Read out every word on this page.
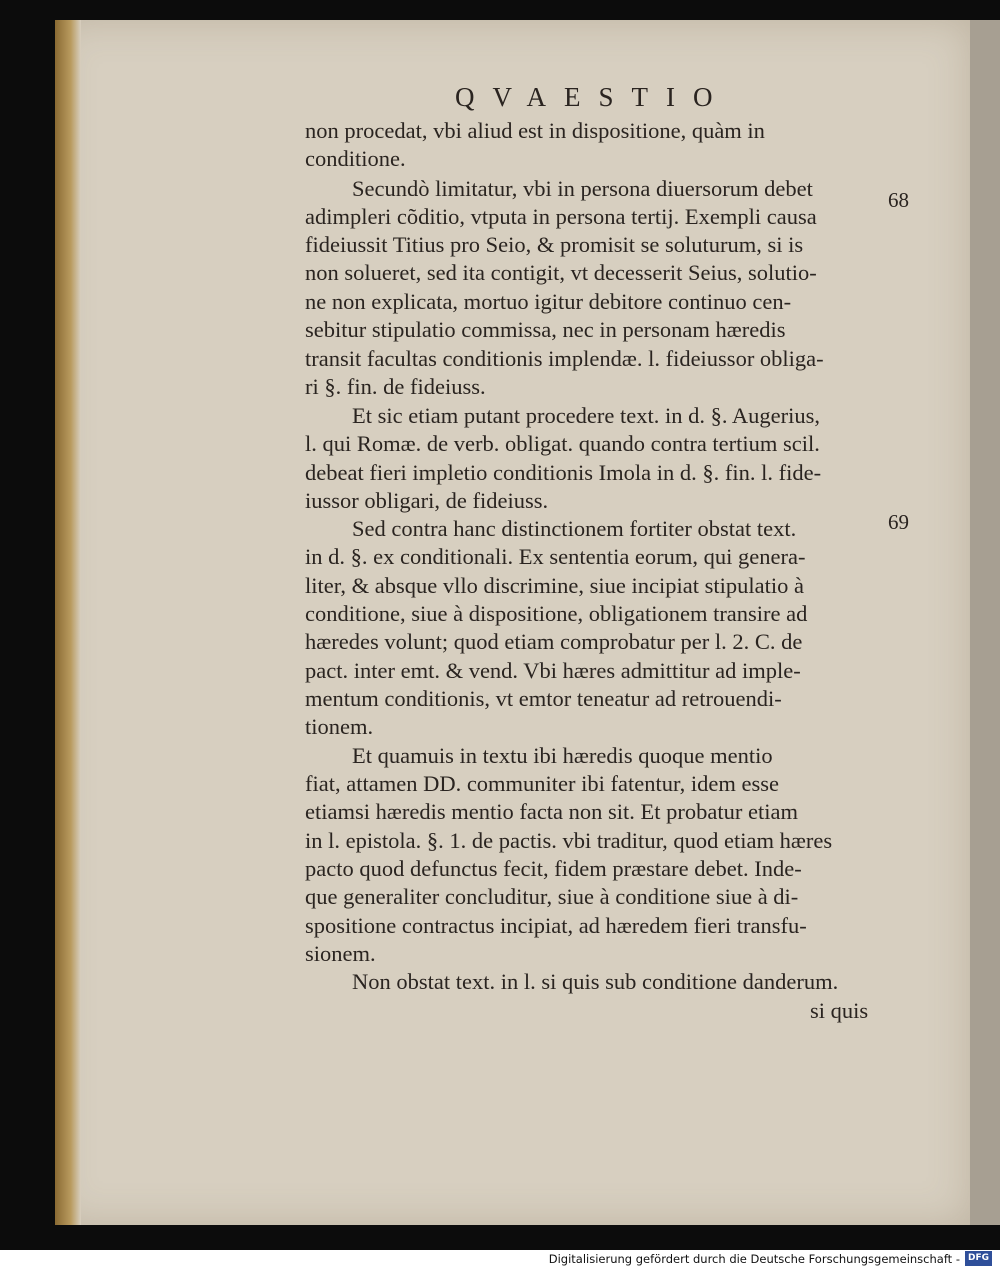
QVAESTIO
non procedat, vbi aliud est in dispositione, quàm in
conditione.
Secundò limitatur, vbi in persona diuersorum debet
adimpleri cõditio, vtputa in persona tertij. Exempli causa
fideiussit Titius pro Seio, & promisit se soluturum, si is
non solueret, sed ita contigit, vt decesserit Seius, solutio-
ne non explicata, mortuo igitur debitore continuo cen-
sebitur stipulatio commissa, nec in personam hæredis
transit facultas conditionis implendæ. l. fideiussor obliga-
ri §. fin. de fideiuss.
Et sic etiam putant procedere text. in d. §. Augerius,
l. qui Romæ. de verb. obligat. quando contra tertium scil.
debeat fieri impletio conditionis Imola in d. §. fin. l. fide-
iussor obligari, de fideiuss.
Sed contra hanc distinctionem fortiter obstat text.
in d. §. ex conditionali. Ex sententia eorum, qui genera-
liter, & absque vllo discrimine, siue incipiat stipulatio à
conditione, siue à dispositione, obligationem transire ad
hæredes volunt; quod etiam comprobatur per l. 2. C. de
pact. inter emt. & vend. Vbi hæres admittitur ad imple-
mentum conditionis, vt emtor teneatur ad retrouendi-
tionem.
Et quamuis in textu ibi hæredis quoque mentio
fiat, attamen DD. communiter ibi fatentur, idem esse
etiamsi hæredis mentio facta non sit. Et probatur etiam
in l. epistola. §. 1. de pactis. vbi traditur, quod etiam hæres
pacto quod defunctus fecit, fidem præstare debet. Inde-
que generaliter concluditur, siue à conditione siue à di-
spositione contractus incipiat, ad hæredem fieri transfu-
sionem.
Non obstat text. in l. si quis sub conditione danderum.
si quis
68
69
Digitalisierung gefördert durch die Deutsche Forschungsgemeinschaft - DFG
